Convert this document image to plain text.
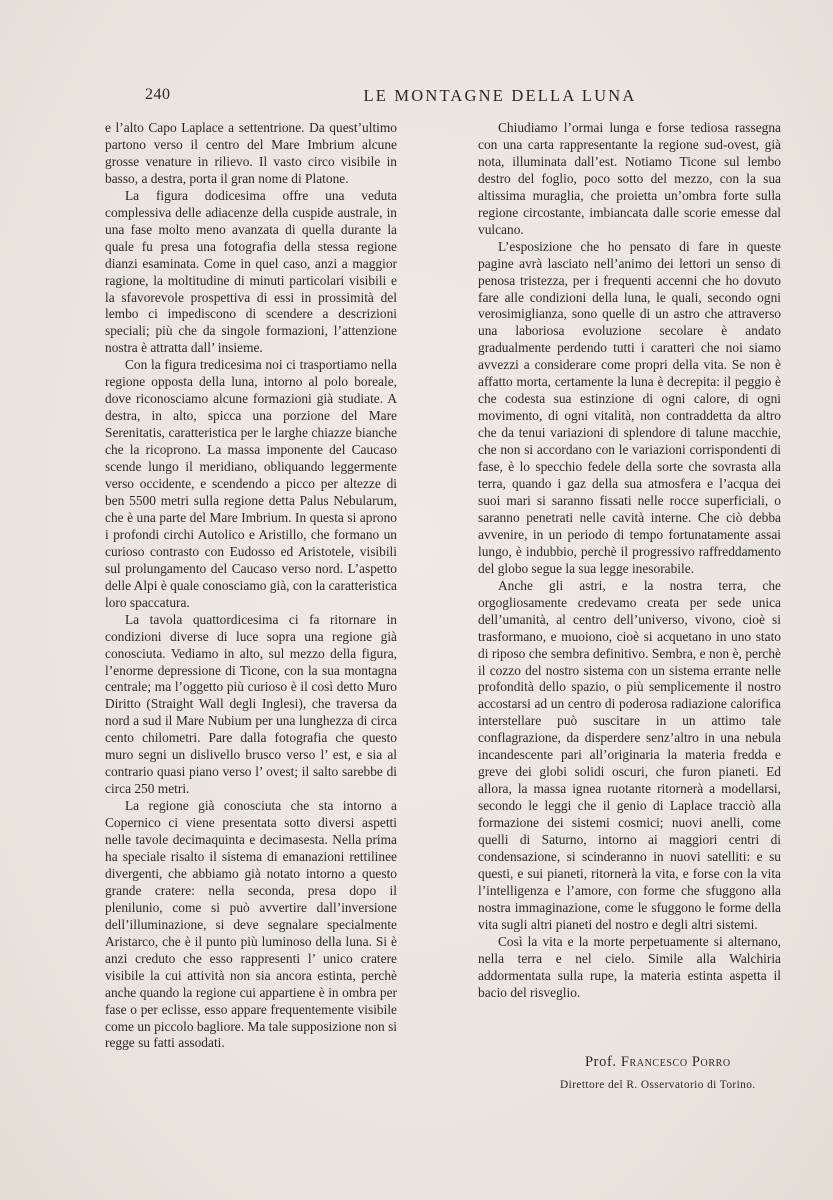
240	LE MONTAGNE DELLA LUNA

e l’alto Capo Laplace a settentrione. Da quest’ultimo partono verso il centro del Mare Imbrium alcune grosse venature in rilievo. Il vasto circo visibile in basso, a destra, porta il gran nome di Platone.

La figura dodicesima offre una veduta complessiva delle adiacenze della cuspide australe, in una fase molto meno avanzata di quella durante la quale fu presa una fotografia della stessa regione dianzi esaminata. Come in quel caso, anzi a maggior ragione, la moltitudine di minuti particolari visibili e la sfavorevole prospettiva di essi in prossimità del lembo ci impediscono di scendere a descrizioni speciali; più che da singole formazioni, l’attenzione nostra è attratta dall’ insieme.

Con la figura tredicesima noi ci trasportiamo nella regione opposta della luna, intorno al polo boreale, dove riconosciamo alcune formazioni già studiate. A destra, in alto, spicca una porzione del Mare Serenitatis, caratteristica per le larghe chiazze bianche che la ricoprono. La massa imponente del Caucaso scende lungo il meridiano, obliquando leggermente verso occidente, e scendendo a picco per altezze di ben 5500 metri sulla regione detta Palus Nebularum, che è una parte del Mare Imbrium. In questa si aprono i profondi circhi Autolico e Aristillo, che formano un curioso contrasto con Eudosso ed Aristotele, visibili sul prolungamento del Caucaso verso nord. L’aspetto delle Alpi è quale conosciamo già, con la caratteristica loro spaccatura.

La tavola quattordicesima ci fa ritornare in condizioni diverse di luce sopra una regione già conosciuta. Vediamo in alto, sul mezzo della figura, l’enorme depressione di Ticone, con la sua montagna centrale; ma l’oggetto più curioso è il così detto Muro Diritto (Straight Wall degli Inglesi), che traversa da nord a sud il Mare Nubium per una lunghezza di circa cento chilometri. Pare dalla fotografia che questo muro segni un dislivello brusco verso l’ est, e sia al contrario quasi piano verso l’ ovest; il salto sarebbe di circa 250 metri.

La regione già conosciuta che sta intorno a Copernico ci viene presentata sotto diversi aspetti nelle tavole decimaquinta e decimasesta. Nella prima ha speciale risalto il sistema di emanazioni rettilinee divergenti, che abbiamo già notato intorno a questo grande cratere: nella seconda, presa dopo il plenilunio, come si può avvertire dall’inversione dell’illuminazione, si deve segnalare specialmente Aristarco, che è il punto più luminoso della luna. Si è anzi creduto che esso rappresenti l’ unico cratere visibile la cui attività non sia ancora estinta, perchè anche quando la regione cui appartiene è in ombra per fase o per eclisse, esso appare frequentemente visibile come un piccolo bagliore. Ma tale supposizione non si regge su fatti assodati.

Chiudiamo l’ormai lunga e forse tediosa rassegna con una carta rappresentante la regione sud-ovest, già nota, illuminata dall’est. Notiamo Ticone sul lembo destro del foglio, poco sotto del mezzo, con la sua altissima muraglia, che proietta un’ombra forte sulla regione circostante, imbiancata dalle scorie emesse dal vulcano.

L’esposizione che ho pensato di fare in queste pagine avrà lasciato nell’animo dei lettori un senso di penosa tristezza, per i frequenti accenni che ho dovuto fare alle condizioni della luna, le quali, secondo ogni verosimiglianza, sono quelle di un astro che attraverso una laboriosa evoluzione secolare è andato gradualmente perdendo tutti i caratteri che noi siamo avvezzi a considerare come propri della vita. Se non è affatto morta, certamente la luna è decrepita: il peggio è che codesta sua estinzione di ogni calore, di ogni movimento, di ogni vitalità, non contraddetta da altro che da tenui variazioni di splendore di talune macchie, che non si accordano con le variazioni corrispondenti di fase, è lo specchio fedele della sorte che sovrasta alla terra, quando i gaz della sua atmosfera e l’acqua dei suoi mari si saranno fissati nelle rocce superficiali, o saranno penetrati nelle cavità interne. Che ciò debba avvenire, in un periodo di tempo fortunatamente assai lungo, è indubbio, perchè il progressivo raffreddamento del globo segue la sua legge inesorabile.

Anche gli astri, e la nostra terra, che orgogliosamente credevamo creata per sede unica dell’umanità, al centro dell’universo, vivono, cioè si trasformano, e muoiono, cioè si acquetano in uno stato di riposo che sembra definitivo. Sembra, e non è, perchè il cozzo del nostro sistema con un sistema errante nelle profondità dello spazio, o più semplicemente il nostro accostarsi ad un centro di poderosa radiazione calorifica interstellare può suscitare in un attimo tale conflagrazione, da disperdere senz’altro in una nebula incandescente pari all’originaria la materia fredda e greve dei globi solidi oscuri, che furon pianeti. Ed allora, la massa ignea ruotante ritornerà a modellarsi, secondo le leggi che il genio di Laplace tracciò alla formazione dei sistemi cosmici; nuovi anelli, come quelli di Saturno, intorno ai maggiori centri di condensazione, si scinderanno in nuovi satelliti: e su questi, e sui pianeti, ritornerà la vita, e forse con la vita l’intelligenza e l’amore, con forme che sfuggono alla nostra immaginazione, come le sfuggono le forme della vita sugli altri pianeti del nostro e degli altri sistemi.

Così la vita e la morte perpetuamente si alternano, nella terra e nel cielo. Simile alla Walchiria addormentata sulla rupe, la materia estinta aspetta il bacio del risveglio.

Prof. Francesco Porro
Direttore del R. Osservatorio di Torino.
